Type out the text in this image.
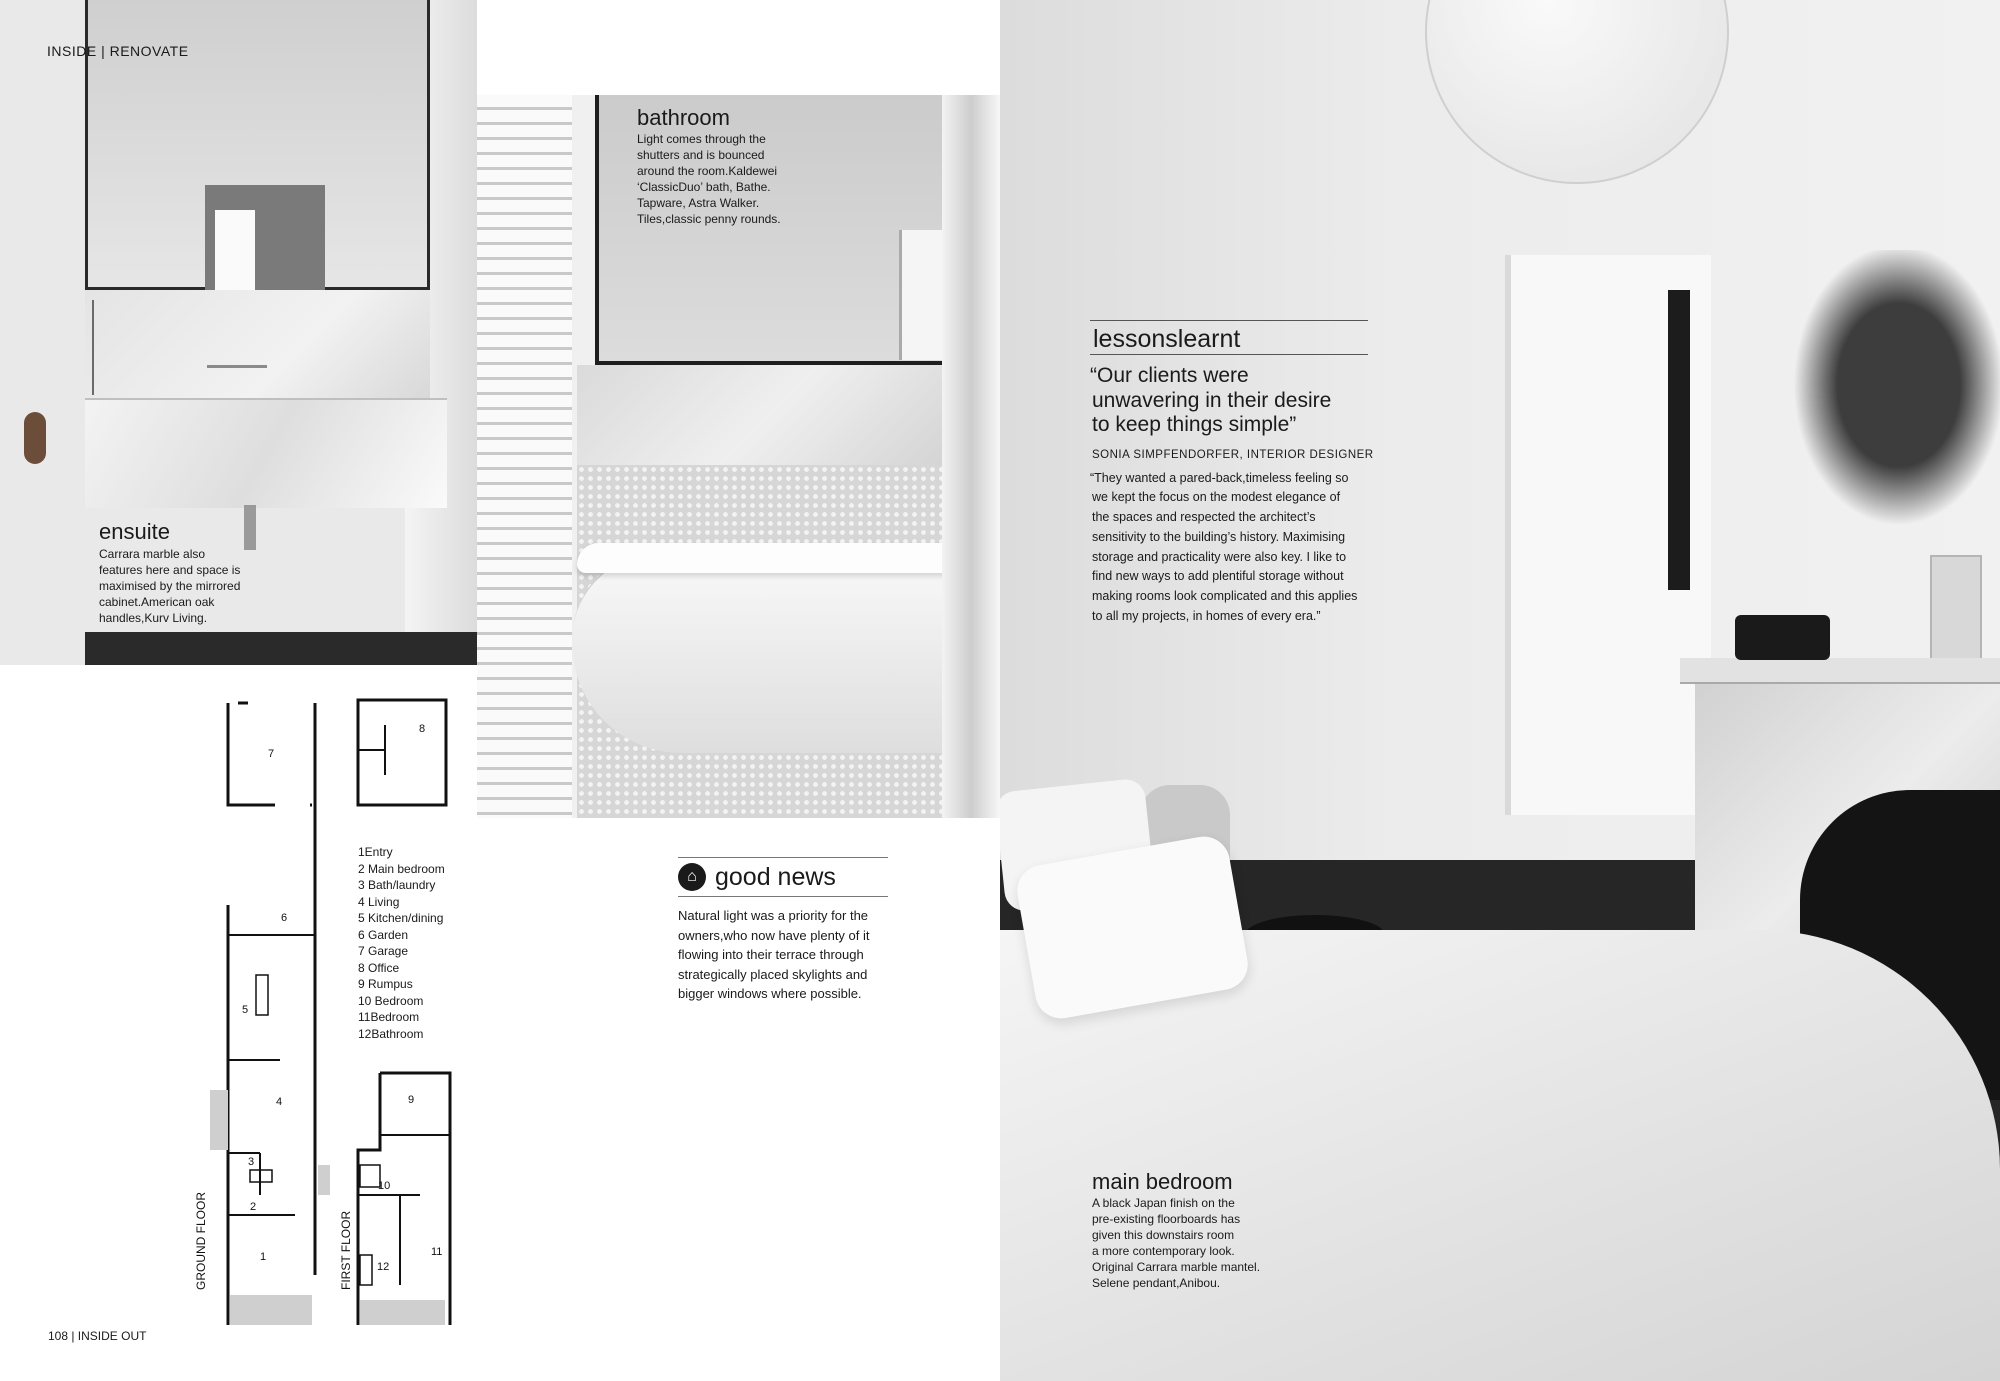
INSIDE | RENOVATE
ensuite
Carrara marble also
features here and space is
maximised by the mirrored
cabinet.American oak
handles,Kurv Living.
bathroom
Light comes through the
shutters and is bounced
around the room.Kaldewei
‘ClassicDuo’ bath, Bathe.
Tapware, Astra Walker.
Tiles,classic penny rounds.
7
8
6
5
4
3
2
1
9
10
11
12
GROUND FLOOR	FIRST FLOOR
1Entry
2 Main bedroom
3 Bath/laundry
4 Living
5 Kitchen/dining
6 Garden
7 Garage
8 Office
9 Rumpus
10 Bedroom
11Bedroom
12Bathroom
⌂ good news
Natural light was a priority for the
owners,who now have plenty of it
flowing into their terrace through
strategically placed skylights and
bigger windows where possible.
lessonslearnt
“Our clients were
unwavering in their desire
to keep things simple”
SONIA SIMPFENDORFER, INTERIOR DESIGNER
“They wanted a pared-back,timeless feeling so
we kept the focus on the modest elegance of
the spaces and respected the architect’s
sensitivity to the building’s history. Maximising
storage and practicality were also key. I like to
find new ways to add plentiful storage without
making rooms look complicated and this applies
to all my projects, in homes of every era.”
main bedroom
A black Japan finish on the
pre-existing floorboards has
given this downstairs room
a more contemporary look.
Original Carrara marble mantel.
Selene pendant,Anibou.
108 | INSIDE OUT
